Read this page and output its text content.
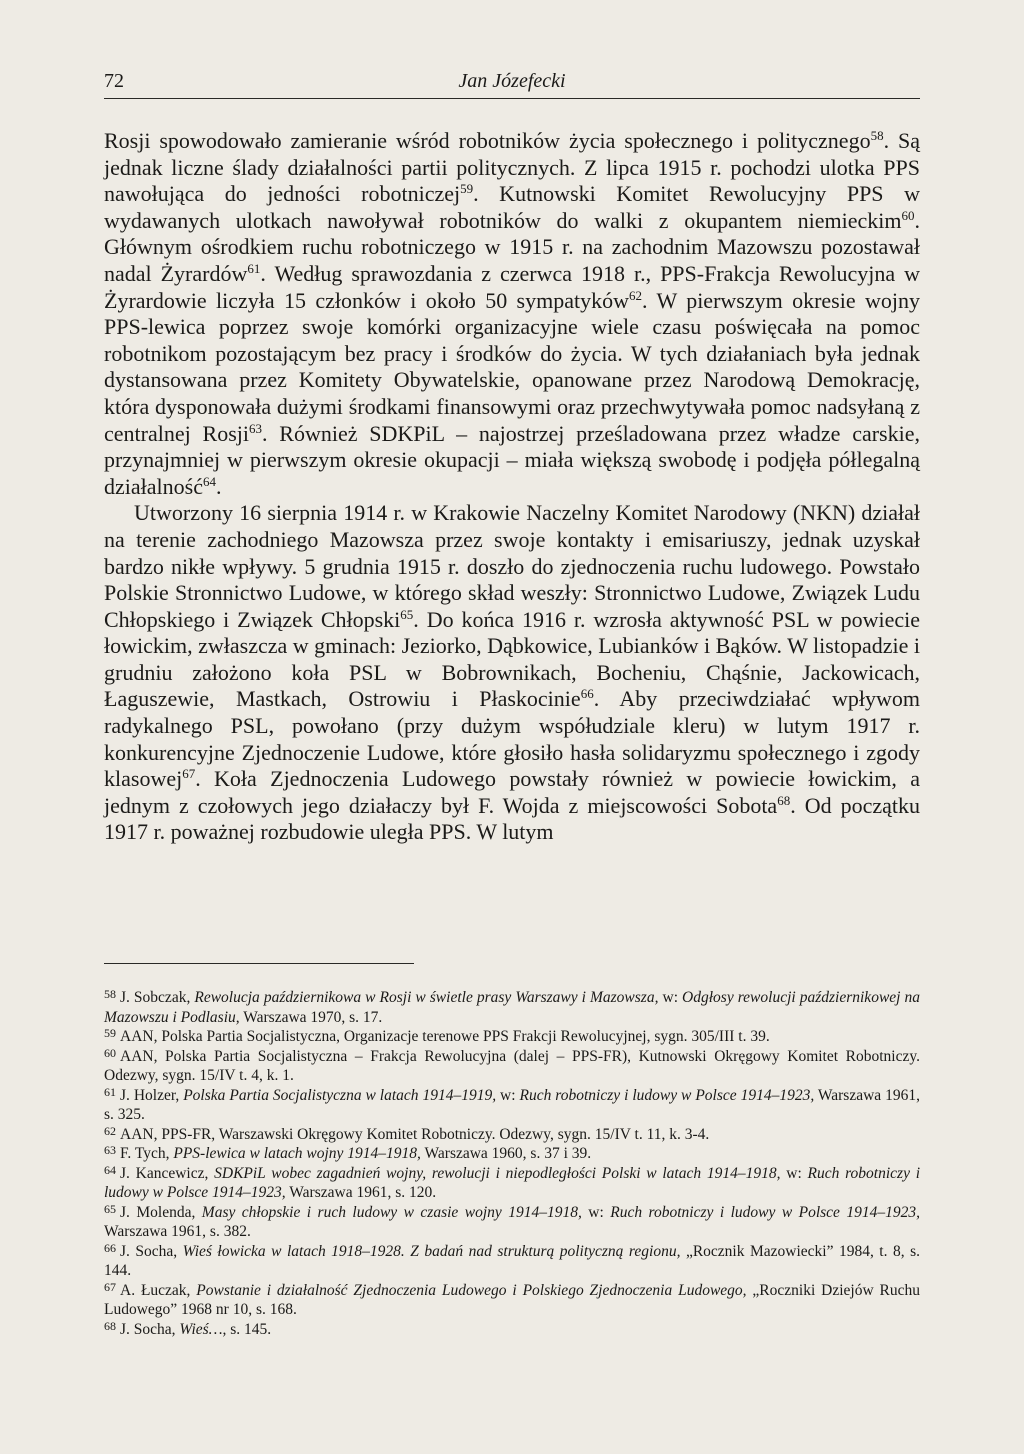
72	Jan Józefecki

Rosji spowodowało zamieranie wśród robotników życia społecznego i politycznego$^{58}$. Są jednak liczne ślady działalności partii politycznych. Z lipca 1915 r. pochodzi ulotka PPS nawołująca do jedności robotniczej$^{59}$. Kutnowski Komitet Rewolucyjny PPS w wydawanych ulotkach nawoływał robotników do walki z okupantem niemieckim$^{60}$. Głównym ośrodkiem ruchu robotniczego w 1915 r. na zachodnim Mazowszu pozostawał nadal Żyrardów$^{61}$. Według sprawozdania z czerwca 1918 r., PPS-Frakcja Rewolucyjna w Żyrardowie liczyła 15 członków i około 50 sympatyków$^{62}$. W pierwszym okresie wojny PPS-lewica poprzez swoje komórki organizacyjne wiele czasu poświęcała na pomoc robotnikom pozostającym bez pracy i środków do życia. W tych działaniach była jednak dystansowana przez Komitety Obywatelskie, opanowane przez Narodową Demokrację, która dysponowała dużymi środkami finansowymi oraz przechwytywała pomoc nadsyłaną z centralnej Rosji$^{63}$. Również SDKPiL – najostrzej prześladowana przez władze carskie, przynajmniej w pierwszym okresie okupacji – miała większą swobodę i podjęła półlegalną działalność$^{64}$.

Utworzony 16 sierpnia 1914 r. w Krakowie Naczelny Komitet Narodowy (NKN) działał na terenie zachodniego Mazowsza przez swoje kontakty i emisariuszy, jednak uzyskał bardzo nikłe wpływy. 5 grudnia 1915 r. doszło do zjednoczenia ruchu ludowego. Powstało Polskie Stronnictwo Ludowe, w którego skład weszły: Stronnictwo Ludowe, Związek Ludu Chłopskiego i Związek Chłopski$^{65}$. Do końca 1916 r. wzrosła aktywność PSL w powiecie łowickim, zwłaszcza w gminach: Jeziorko, Dąbkowice, Lubianków i Bąków. W listopadzie i grudniu założono koła PSL w Bobrownikach, Bocheniu, Chąśnie, Jackowicach, Łaguszewie, Mastkach, Ostrowiu i Płaskocinie$^{66}$. Aby przeciwdziałać wpływom radykalnego PSL, powołano (przy dużym współudziale kleru) w lutym 1917 r. konkurencyjne Zjednoczenie Ludowe, które głosiło hasła solidaryzmu społecznego i zgody klasowej$^{67}$. Koła Zjednoczenia Ludowego powstały również w powiecie łowickim, a jednym z czołowych jego działaczy był F. Wojda z miejscowości Sobota$^{68}$. Od początku 1917 r. poważnej rozbudowie uległa PPS. W lutym

$^{58}$ J. Sobczak, Rewolucja październikowa w Rosji w świetle prasy Warszawy i Mazowsza, w: Odgłosy rewolucji październikowej na Mazowszu i Podlasiu, Warszawa 1970, s. 17.

$^{59}$ AAN, Polska Partia Socjalistyczna, Organizacje terenowe PPS Frakcji Rewolucyjnej, sygn. 305/III t. 39.

$^{60}$ AAN, Polska Partia Socjalistyczna – Frakcja Rewolucyjna (dalej – PPS-FR), Kutnowski Okręgowy Komitet Robotniczy. Odezwy, sygn. 15/IV t. 4, k. 1.

$^{61}$ J. Holzer, Polska Partia Socjalistyczna w latach 1914–1919, w: Ruch robotniczy i ludowy w Polsce 1914–1923, Warszawa 1961, s. 325.

$^{62}$ AAN, PPS-FR, Warszawski Okręgowy Komitet Robotniczy. Odezwy, sygn. 15/IV t. 11, k. 3-4.

$^{63}$ F. Tych, PPS-lewica w latach wojny 1914–1918, Warszawa 1960, s. 37 i 39.

$^{64}$ J. Kancewicz, SDKPiL wobec zagadnień wojny, rewolucji i niepodległości Polski w latach 1914–1918, w: Ruch robotniczy i ludowy w Polsce 1914–1923, Warszawa 1961, s. 120.

$^{65}$ J. Molenda, Masy chłopskie i ruch ludowy w czasie wojny 1914–1918, w: Ruch robotniczy i ludowy w Polsce 1914–1923, Warszawa 1961, s. 382.

$^{66}$ J. Socha, Wieś łowicka w latach 1918–1928. Z badań nad strukturą polityczną regionu, „Rocznik Mazowiecki” 1984, t. 8, s. 144.

$^{67}$ A. Łuczak, Powstanie i działalność Zjednoczenia Ludowego i Polskiego Zjednoczenia Ludowego, „Roczniki Dziejów Ruchu Ludowego” 1968 nr 10, s. 168.

$^{68}$ J. Socha, Wieś…, s. 145.
